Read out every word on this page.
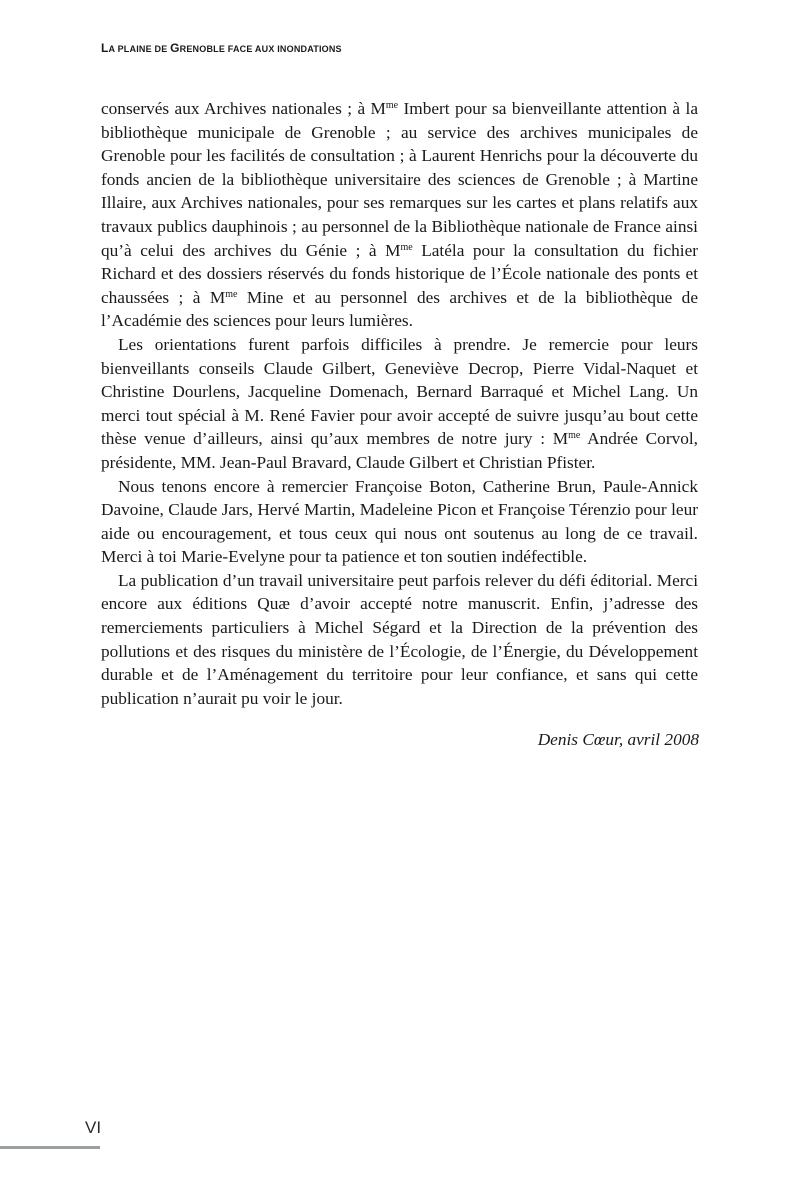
LA PLAINE DE GRENOBLE FACE AUX INONDATIONS

conservés aux Archives nationales ; à $M^{me}$ Imbert pour sa bienveillante attention à la bibliothèque municipale de Grenoble ; au service des archives municipales de Grenoble pour les facilités de consultation ; à Laurent Henrichs pour la découverte du fonds ancien de la bibliothèque universitaire des sciences de Grenoble ; à Martine Illaire, aux Archives nationales, pour ses remarques sur les cartes et plans relatifs aux travaux publics dauphinois ; au personnel de la Bibliothèque nationale de France ainsi qu’à celui des archives du Génie ; à $M^{me}$ Latéla pour la consultation du fichier Richard et des dossiers réservés du fonds historique de l’École nationale des ponts et chaussées ; à $M^{me}$ Mine et au personnel des archives et de la bibliothèque de l’Académie des sciences pour leurs lumières.

Les orientations furent parfois difficiles à prendre. Je remercie pour leurs bienveillants conseils Claude Gilbert, Geneviève Decrop, Pierre Vidal-Naquet et Christine Dourlens, Jacqueline Domenach, Bernard Barraqué et Michel Lang. Un merci tout spécial à M. René Favier pour avoir accepté de suivre jusqu’au bout cette thèse venue d’ailleurs, ainsi qu’aux membres de notre jury : $M^{me}$ Andrée Corvol, présidente, MM. Jean-Paul Bravard, Claude Gilbert et Christian Pfister.

Nous tenons encore à remercier Françoise Boton, Catherine Brun, Paule-Annick Davoine, Claude Jars, Hervé Martin, Madeleine Picon et Françoise Térenzio pour leur aide ou encouragement, et tous ceux qui nous ont soutenus au long de ce travail. Merci à toi Marie-Evelyne pour ta patience et ton soutien indéfectible.

La publication d’un travail universitaire peut parfois relever du défi éditorial. Merci encore aux éditions Quæ d’avoir accepté notre manuscrit. Enfin, j’adresse des remerciements particuliers à Michel Ségard et la Direction de la prévention des pollutions et des risques du ministère de l’Écologie, de l’Énergie, du Développement durable et de l’Aménagement du territoire pour leur confiance, et sans qui cette publication n’aurait pu voir le jour.

Denis Cœur, avril 2008
VI
